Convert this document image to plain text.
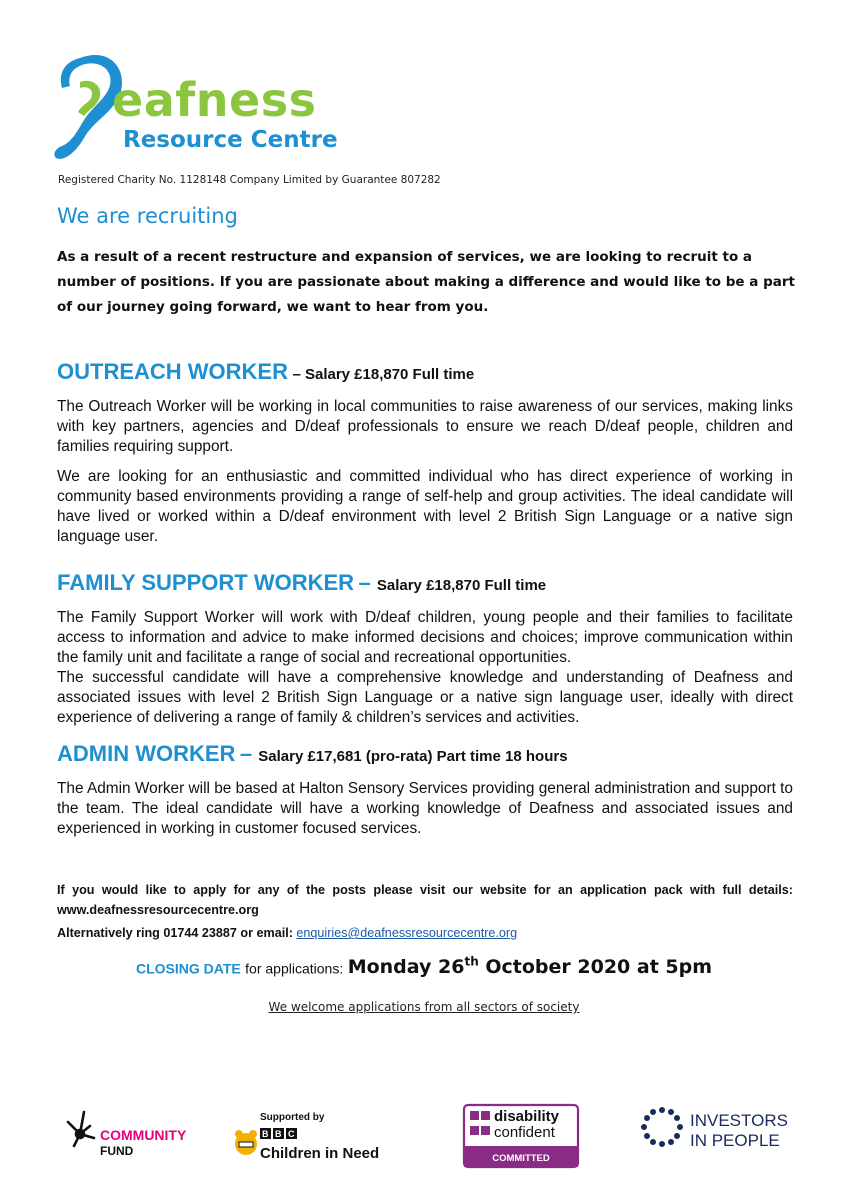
eafness
Resource Centre
Registered Charity No. 1128148 Company Limited by Guarantee 807282
We are recruiting
As a result of a recent restructure and expansion of services, we are looking to recruit to a number of positions. If you are passionate about making a difference and would like to be a part of our journey going forward, we want to hear from you.
OUTREACH WORKER – Salary £18,870 Full time

The Outreach Worker will be working in local communities to raise awareness of our services, making links with key partners, agencies and D/deaf professionals to ensure we reach D/deaf people, children and families requiring support.

We are looking for an enthusiastic and committed individual who has direct experience of working in community based environments providing a range of self-help and group activities. The ideal candidate will have lived or worked within a D/deaf environment with level 2 British Sign Language or a native sign language user.

FAMILY SUPPORT WORKER – Salary £18,870 Full time

The Family Support Worker will work with D/deaf children, young people and their families to facilitate access to information and advice to make informed decisions and choices; improve communication within the family unit and facilitate a range of social and recreational opportunities.

The successful candidate will have a comprehensive knowledge and understanding of Deafness and associated issues with level 2 British Sign Language or a native sign language user, ideally with direct experience of delivering a range of family & children’s services and activities.

ADMIN WORKER – Salary £17,681 (pro-rata) Part time 18 hours

The Admin Worker will be based at Halton Sensory Services providing general administration and support to the team. The ideal candidate will have a working knowledge of Deafness and associated issues and experienced in working in customer focused services.

If you would like to apply for any of the posts please visit our website for an application pack with full details: www.deafnessresourcecentre.org
Alternatively ring 01744 23887 or email: enquiries@deafnessresourcecentre.org
CLOSING DATE for applications: Monday 26th October 2020 at 5pm
We welcome applications from all sectors of society
COMMUNITY
FUND
Supported by
B B C
Children in Need
disability
confident
COMMITTED
INVESTORS
IN PEOPLE
